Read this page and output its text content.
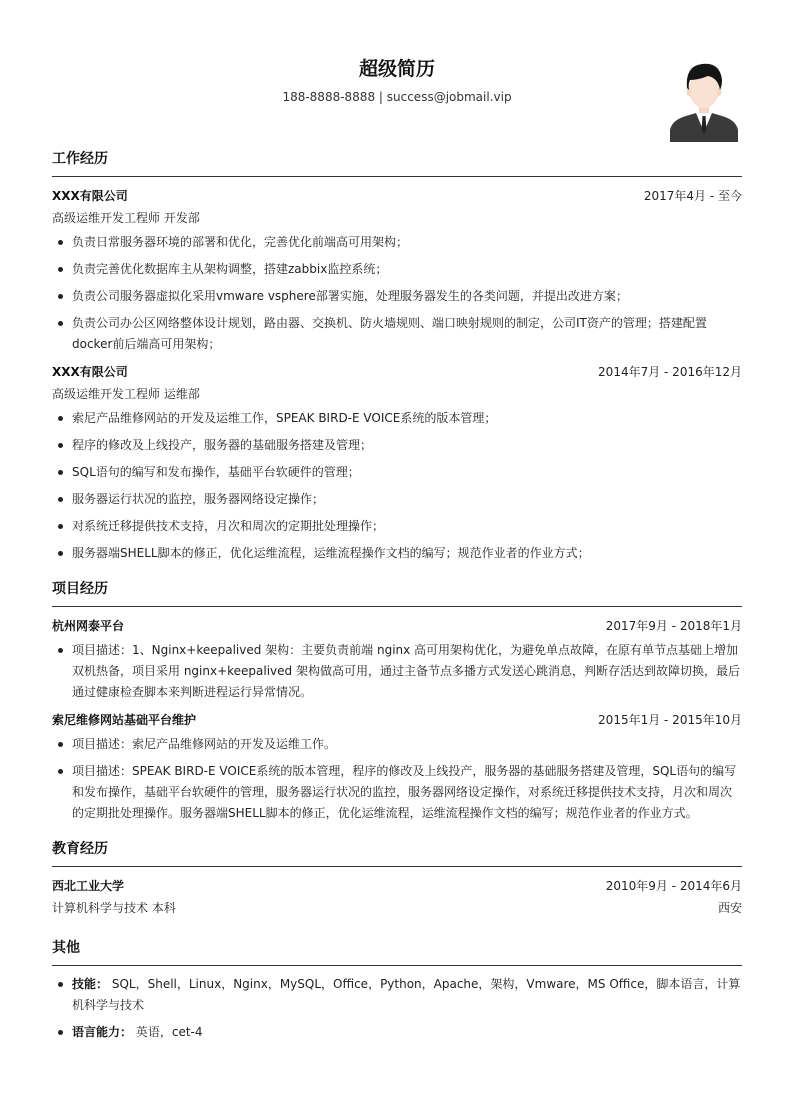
超级简历
188-8888-8888 | success@jobmail.vip
工作经历
XXX有限公司	2017年4月 - 至今
高级运维开发工程师 开发部
负责日常服务器环境的部署和优化，完善优化前端高可用架构；
负责完善优化数据库主从架构调整，搭建zabbix监控系统；
负责公司服务器虚拟化采用vmware vsphere部署实施，处理服务器发生的各类问题，并提出改进方案；
负责公司办公区网络整体设计规划，路由器、交换机、防火墙规则、端口映射规则的制定，公司IT资产的管理；搭建配置docker前后端高可用架构；
XXX有限公司	2014年7月 - 2016年12月
高级运维开发工程师 运维部
索尼产品维修网站的开发及运维工作，SPEAK BIRD-E VOICE系统的版本管理；
程序的修改及上线投产，服务器的基础服务搭建及管理；
SQL语句的编写和发布操作，基础平台软硬件的管理；
服务器运行状况的监控，服务器网络设定操作；
对系统迁移提供技术支持，月次和周次的定期批处理操作；
服务器端SHELL脚本的修正，优化运维流程，运维流程操作文档的编写；规范作业者的作业方式；
项目经历
杭州网泰平台	2017年9月 - 2018年1月
项目描述：1、Nginx+keepalived 架构：主要负责前端 nginx 高可用架构优化，为避免单点故障，在原有单节点基础上增加双机热备，项目采用 nginx+keepalived 架构做高可用，通过主备节点多播方式发送心跳消息，判断存活达到故障切换，最后通过健康检查脚本来判断进程运行异常情况。
索尼维修网站基础平台维护	2015年1月 - 2015年10月
项目描述：索尼产品维修网站的开发及运维工作。
项目描述：SPEAK BIRD-E VOICE系统的版本管理，程序的修改及上线投产，服务器的基础服务搭建及管理，SQL语句的编写和发布操作，基础平台软硬件的管理，服务器运行状况的监控，服务器网络设定操作，对系统迁移提供技术支持，月次和周次的定期批处理操作。服务器端SHELL脚本的修正，优化运维流程，运维流程操作文档的编写；规范作业者的作业方式。
教育经历
西北工业大学	2010年9月 - 2014年6月
计算机科学与技术 本科	西安
其他
技能： SQL，Shell，Linux，Nginx，MySQL，Office，Python，Apache，架构，Vmware，MS Office，脚本语言，计算机科学与技术
语言能力： 英语，cet-4
